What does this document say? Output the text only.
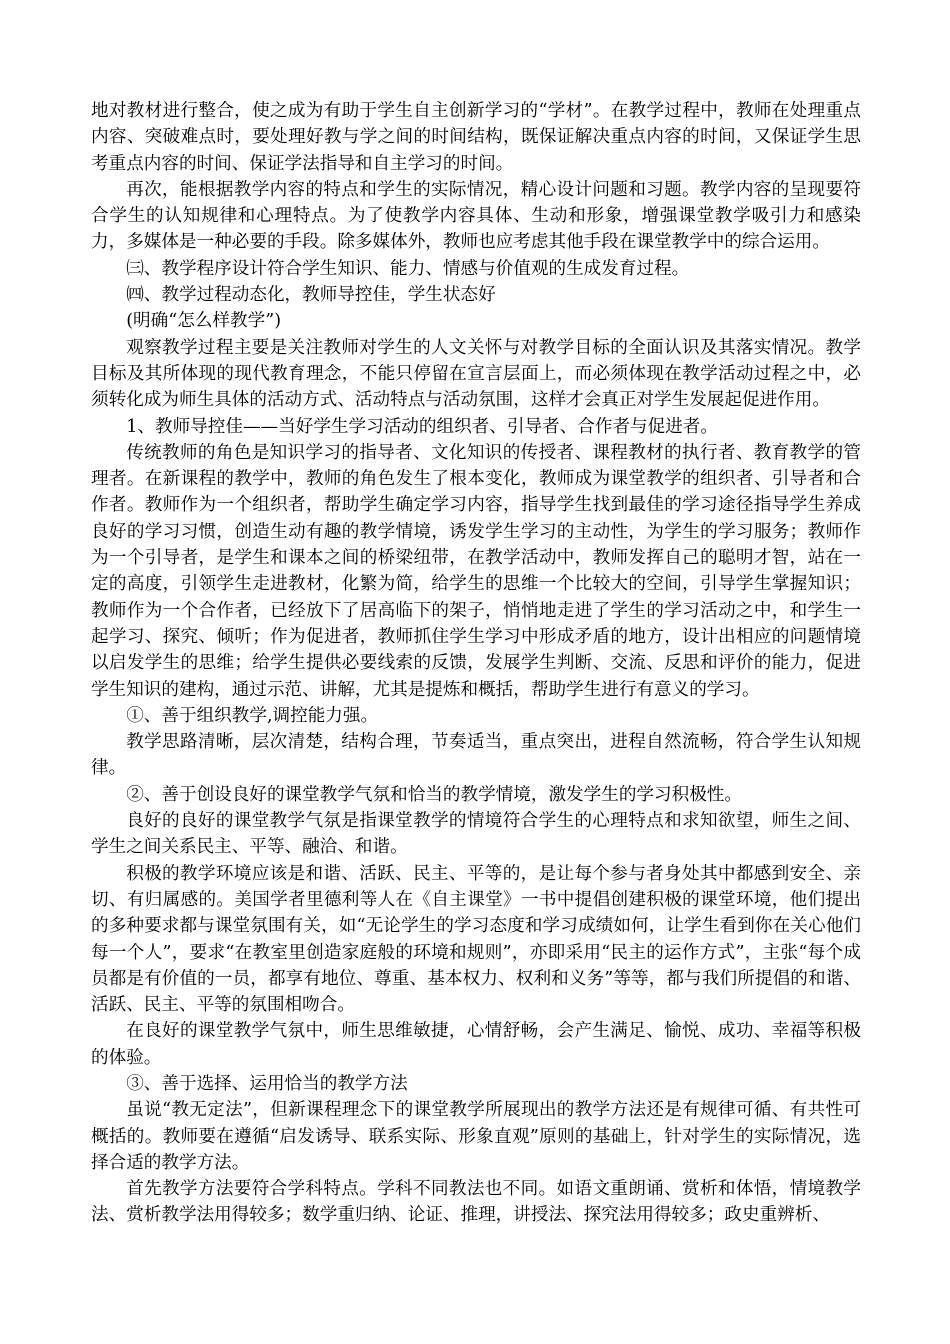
地对教材进行整合，使之成为有助于学生自主创新学习的“学材”。在教学过程中，教师在处理重点内容、突破难点时，要处理好教与学之间的时间结构，既保证解决重点内容的时间，又保证学生思考重点内容的时间、保证学法指导和自主学习的时间。

再次，能根据教学内容的特点和学生的实际情况，精心设计问题和习题。教学内容的呈现要符合学生的认知规律和心理特点。为了使教学内容具体、生动和形象，增强课堂教学吸引力和感染力，多媒体是一种必要的手段。除多媒体外，教师也应考虑其他手段在课堂教学中的综合运用。

㈢、教学程序设计符合学生知识、能力、情感与价值观的生成发育过程。

㈣、教学过程动态化，教师导控佳，学生状态好

(明确“怎么样教学”)

观察教学过程主要是关注教师对学生的人文关怀与对教学目标的全面认识及其落实情况。教学目标及其所体现的现代教育理念，不能只停留在宣言层面上，而必须体现在教学活动过程之中，必须转化成为师生具体的活动方式、活动特点与活动氛围，这样才会真正对学生发展起促进作用。

1、教师导控佳——当好学生学习活动的组织者、引导者、合作者与促进者。

传统教师的角色是知识学习的指导者、文化知识的传授者、课程教材的执行者、教育教学的管理者。在新课程的教学中，教师的角色发生了根本变化，教师成为课堂教学的组织者、引导者和合作者。教师作为一个组织者，帮助学生确定学习内容，指导学生找到最佳的学习途径指导学生养成良好的学习习惯，创造生动有趣的教学情境，诱发学生学习的主动性，为学生的学习服务；教师作为一个引导者，是学生和课本之间的桥梁纽带，在教学活动中，教师发挥自己的聪明才智，站在一定的高度，引领学生走进教材，化繁为简，给学生的思维一个比较大的空间，引导学生掌握知识；教师作为一个合作者，已经放下了居高临下的架子，悄悄地走进了学生的学习活动之中，和学生一起学习、探究、倾听；作为促进者，教师抓住学生学习中形成矛盾的地方，设计出相应的问题情境以启发学生的思维；给学生提供必要线索的反馈，发展学生判断、交流、反思和评价的能力，促进学生知识的建构，通过示范、讲解，尤其是提炼和概括，帮助学生进行有意义的学习。

①、善于组织教学,调控能力强。

教学思路清晰，层次清楚，结构合理，节奏适当，重点突出，进程自然流畅，符合学生认知规律。

②、善于创设良好的课堂教学气氛和恰当的教学情境，激发学生的学习积极性。

良好的良好的课堂教学气氛是指课堂教学的情境符合学生的心理特点和求知欲望，师生之间、学生之间关系民主、平等、融洽、和谐。

积极的教学环境应该是和谐、活跃、民主、平等的，是让每个参与者身处其中都感到安全、亲切、有归属感的。美国学者里德利等人在《自主课堂》一书中提倡创建积极的课堂环境，他们提出的多种要求都与课堂氛围有关，如“无论学生的学习态度和学习成绩如何，让学生看到你在关心他们每一个人”，要求“在教室里创造家庭般的环境和规则”，亦即采用“民主的运作方式”，主张“每个成员都是有价值的一员，都享有地位、尊重、基本权力、权利和义务”等等，都与我们所提倡的和谐、活跃、民主、平等的氛围相吻合。

在良好的课堂教学气氛中，师生思维敏捷，心情舒畅，会产生满足、愉悦、成功、幸福等积极的体验。

③、善于选择、运用恰当的教学方法

虽说“教无定法”，但新课程理念下的课堂教学所展现出的教学方法还是有规律可循、有共性可概括的。教师要在遵循“启发诱导、联系实际、形象直观”原则的基础上，针对学生的实际情况，选择合适的教学方法。

首先教学方法要符合学科特点。学科不同教法也不同。如语文重朗诵、赏析和体悟，情境教学法、赏析教学法用得较多；数学重归纳、论证、推理，讲授法、探究法用得较多；政史重辨析、
